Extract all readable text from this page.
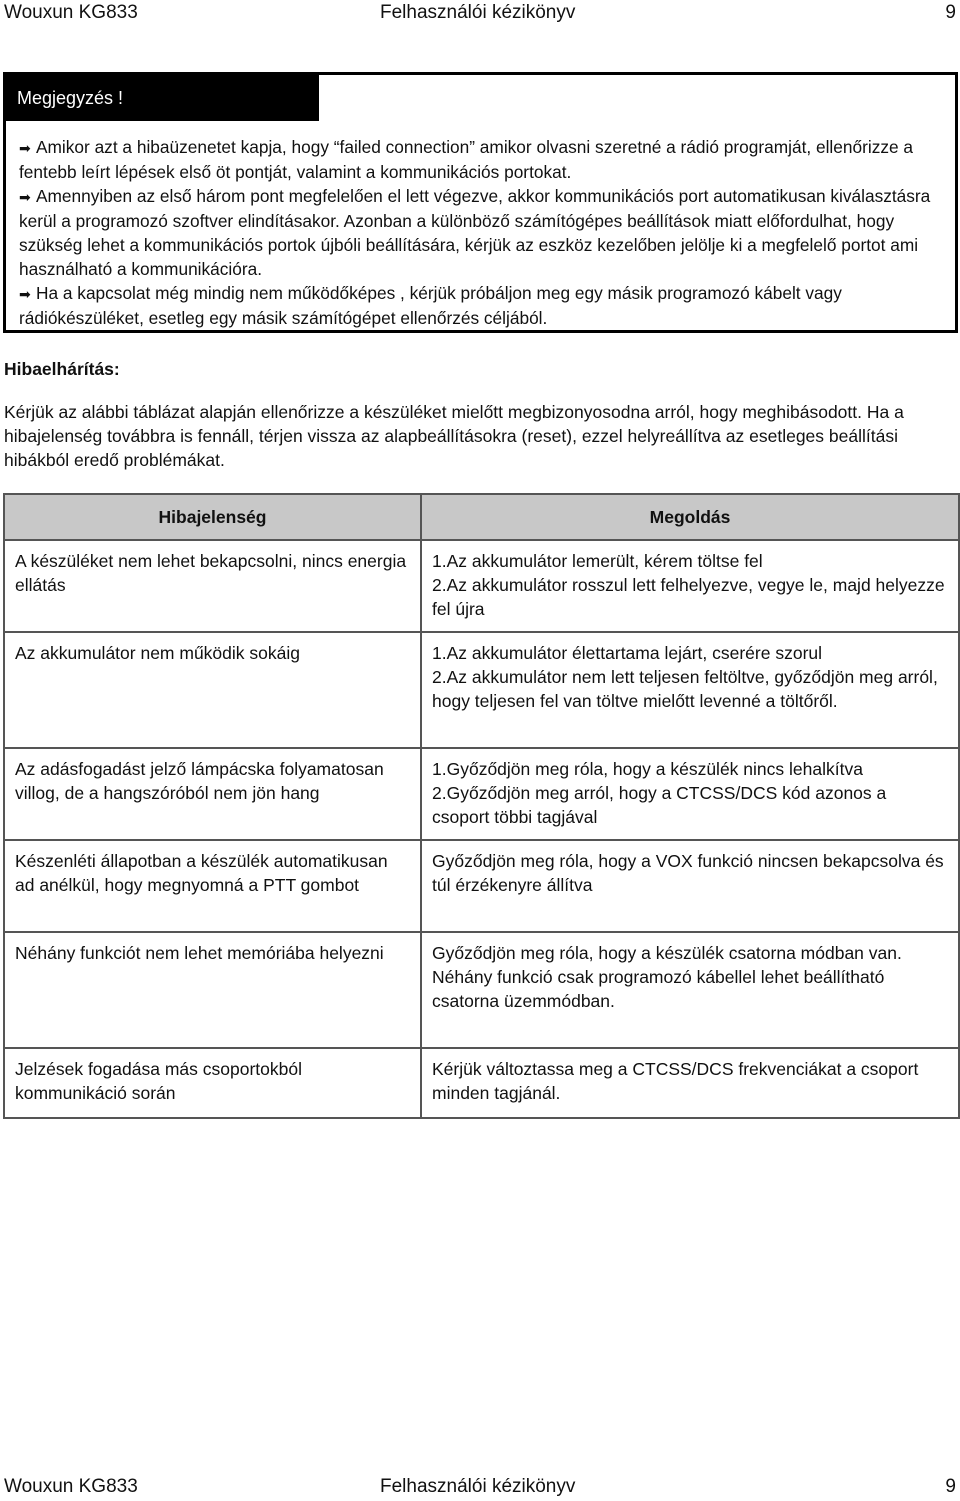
Wouxun KG833	Felhasználói kézikönyv	9
Megjegyzés !
➡ Amikor azt a hibaüzenetet kapja, hogy “failed connection” amikor olvasni szeretné a rádió programját, ellenőrizze a fentebb leírt lépések első öt pontját, valamint a kommunikációs portokat.
➡ Amennyiben az első három pont megfelelően el lett végezve, akkor kommunikációs port automatikusan kiválasztásra kerül a programozó szoftver elindításakor. Azonban a különböző számítógépes beállítások miatt előfordulhat, hogy szükség lehet a kommunikációs portok újbóli beállítására, kérjük az eszköz kezelőben jelölje ki a megfelelő portot ami használható a kommunikációra.
➡ Ha a kapcsolat még mindig nem működőképes , kérjük próbáljon meg egy másik programozó kábelt vagy rádiókészüléket, esetleg egy másik számítógépet ellenőrzés céljából.
Hibaelhárítás:
Kérjük az alábbi táblázat alapján ellenőrizze a készüléket mielőtt megbizonyosodna arról, hogy meghibásodott. Ha a hibajelenség továbbra is fennáll, térjen vissza az alapbeállításokra (reset), ezzel helyreállítva az esetleges beállítási hibákból eredő problémákat.
Hibajelenség	Megoldás
A készüléket nem lehet bekapcsolni, nincs energia ellátás	1.Az akkumulátor lemerült, kérem töltse fel
2.Az akkumulátor rosszul lett felhelyezve, vegye le, majd helyezze fel újra

Az akkumulátor nem működik sokáig	1.Az akkumulátor élettartama lejárt, cserére szorul
2.Az akkumulátor nem lett teljesen feltöltve, győződjön meg arról, hogy teljesen fel van töltve mielőtt levenné a töltőről.

Az adásfogadást jelző lámpácska folyamatosan villog, de a hangszóróból nem jön hang	1.Győződjön meg róla, hogy a készülék nincs lehalkítva
2.Győződjön meg arról, hogy a CTCSS/DCS kód azonos a csoport többi tagjával

Készenléti állapotban a készülék automatikusan ad anélkül, hogy megnyomná a PTT gombot	Győződjön meg róla, hogy a VOX funkció nincsen bekapcsolva és túl érzékenyre állítva

Néhány funkciót nem lehet memóriába helyezni	Győződjön meg róla, hogy a készülék csatorna módban van.
Néhány funkció csak programozó kábellel lehet beállítható csatorna üzemmódban.

Jelzések fogadása más csoportokból kommunikáció során	Kérjük változtassa meg a CTCSS/DCS frekvenciákat a csoport minden tagjánál.
Wouxun KG833	Felhasználói kézikönyv	9
